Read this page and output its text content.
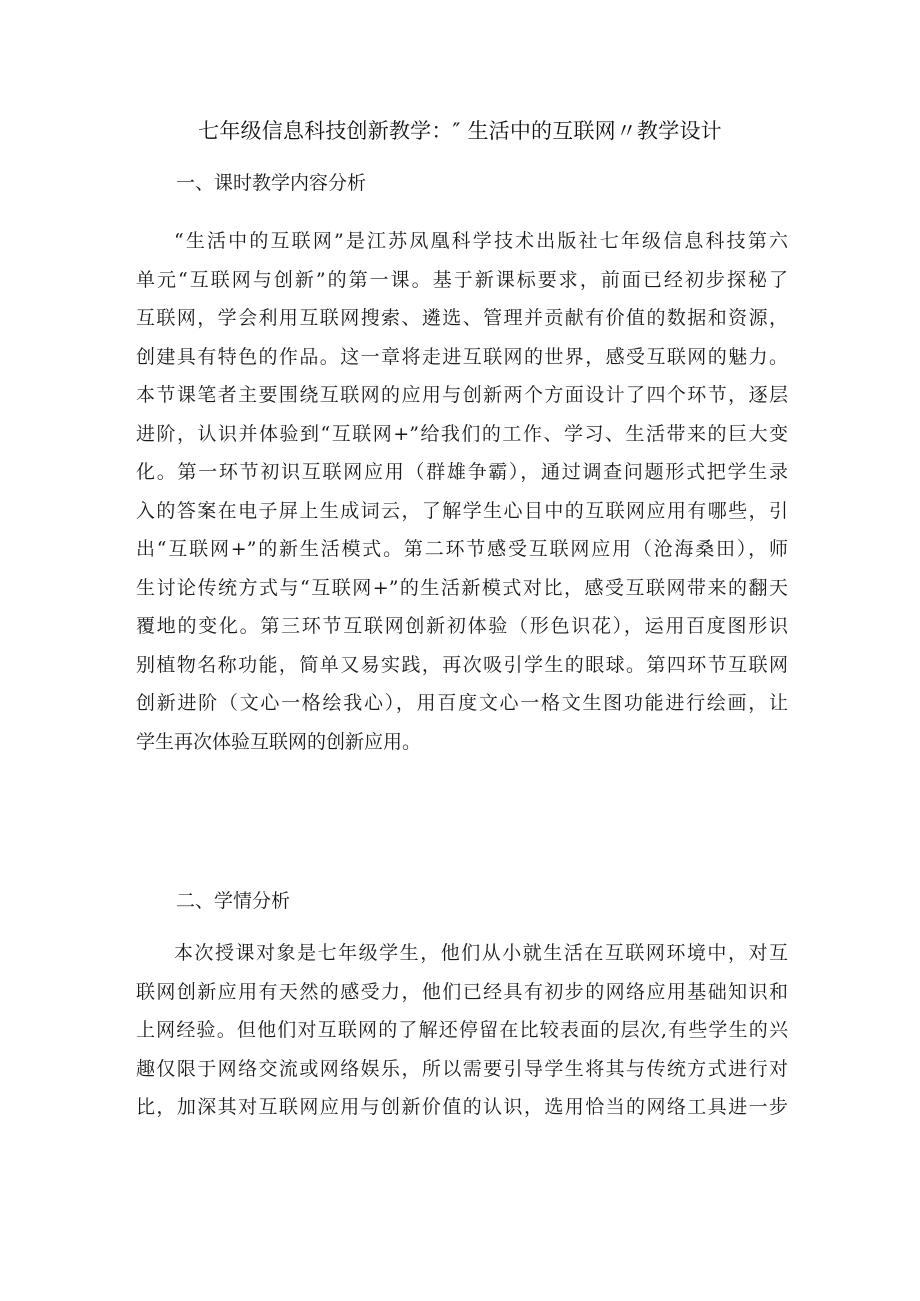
七年级信息科技创新教学：″ 生活中的互联网〃教学设计
一、课时教学内容分析
“生活中的互联网”是江苏凤凰科学技术出版社七年级信息科技第六
单元“互联网与创新”的第一课。基于新课标要求，前面已经初步探秘了
互联网，学会利用互联网搜索、遴选、管理并贡献有价值的数据和资源，
创建具有特色的作品。这一章将走进互联网的世界，感受互联网的魅力。
本节课笔者主要围绕互联网的应用与创新两个方面设计了四个环节，逐层
进阶，认识并体验到“互联网+”给我们的工作、学习、生活带来的巨大变
化。第一环节初识互联网应用（群雄争霸），通过调查问题形式把学生录
入的答案在电子屏上生成词云，了解学生心目中的互联网应用有哪些，引
出“互联网+”的新生活模式。第二环节感受互联网应用（沧海桑田），师
生讨论传统方式与“互联网+”的生活新模式对比，感受互联网带来的翻天
覆地的变化。第三环节互联网创新初体验（形色识花），运用百度图形识
别植物名称功能，简单又易实践，再次吸引学生的眼球。第四环节互联网
创新进阶（文心一格绘我心），用百度文心一格文生图功能进行绘画，让
学生再次体验互联网的创新应用。
二、学情分析
本次授课对象是七年级学生，他们从小就生活在互联网环境中，对互
联网创新应用有天然的感受力，他们已经具有初步的网络应用基础知识和
上网经验。但他们对互联网的了解还停留在比较表面的层次,有些学生的兴
趣仅限于网络交流或网络娱乐，所以需要引导学生将其与传统方式进行对
比，加深其对互联网应用与创新价值的认识，选用恰当的网络工具进一步
